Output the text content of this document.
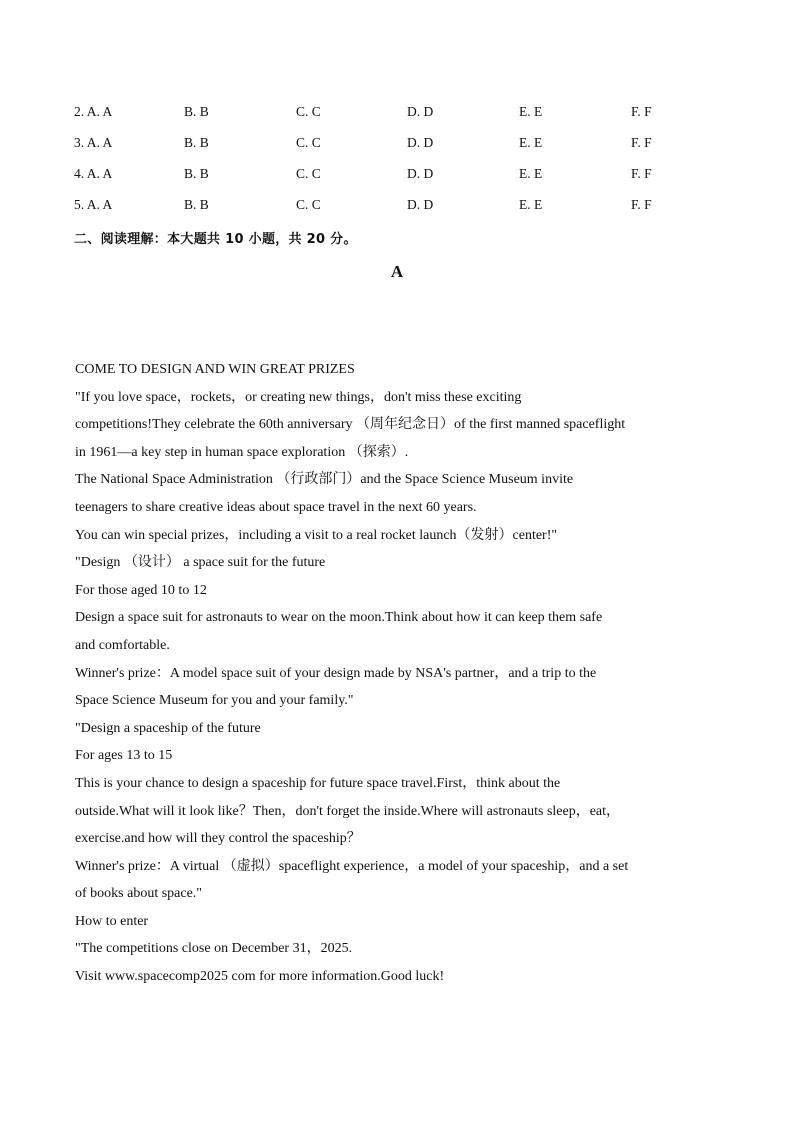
2. A. A	B. B	C. C	D. D	E. E	F. F
3. A. A	B. B	C. C	D. D	E. E	F. F
4. A. A	B. B	C. C	D. D	E. E	F. F
5. A. A	B. B	C. C	D. D	E. E	F. F
二、阅读理解：本大题共 10 小题，共 20 分。
A
COME TO DESIGN AND WIN GREAT PRIZES
"If you love space，rockets，or creating new things，don't miss these exciting
competitions!They celebrate the 60th anniversary （周年纪念日）of the first manned spaceflight
in 1961—a key step in human space exploration （探索）.
The National Space Administration （行政部门）and the Space Science Museum invite
teenagers to share creative ideas about space travel in the next 60 years.
You can win special prizes，including a visit to a real rocket launch（发射）center!"
"Design （设计） a space suit for the future
For those aged 10 to 12
Design a space suit for astronauts to wear on the moon.Think about how it can keep them safe
and comfortable.
Winner's prize：A model space suit of your design made by NSA's partner，and a trip to the
Space Science Museum for you and your family."
"Design a spaceship of the future
For ages 13 to 15
This is your chance to design a spaceship for future space travel.First，think about the
outside.What will it look like？Then，don't forget the inside.Where will astronauts sleep，eat，
exercise.and how will they control the spaceship？
Winner's prize：A virtual （虚拟）spaceflight experience，a model of your spaceship，and a set
of books about space."
How to enter
"The competitions close on December 31，2025.
Visit www.spacecomp2025 com for more information.Good luck!
